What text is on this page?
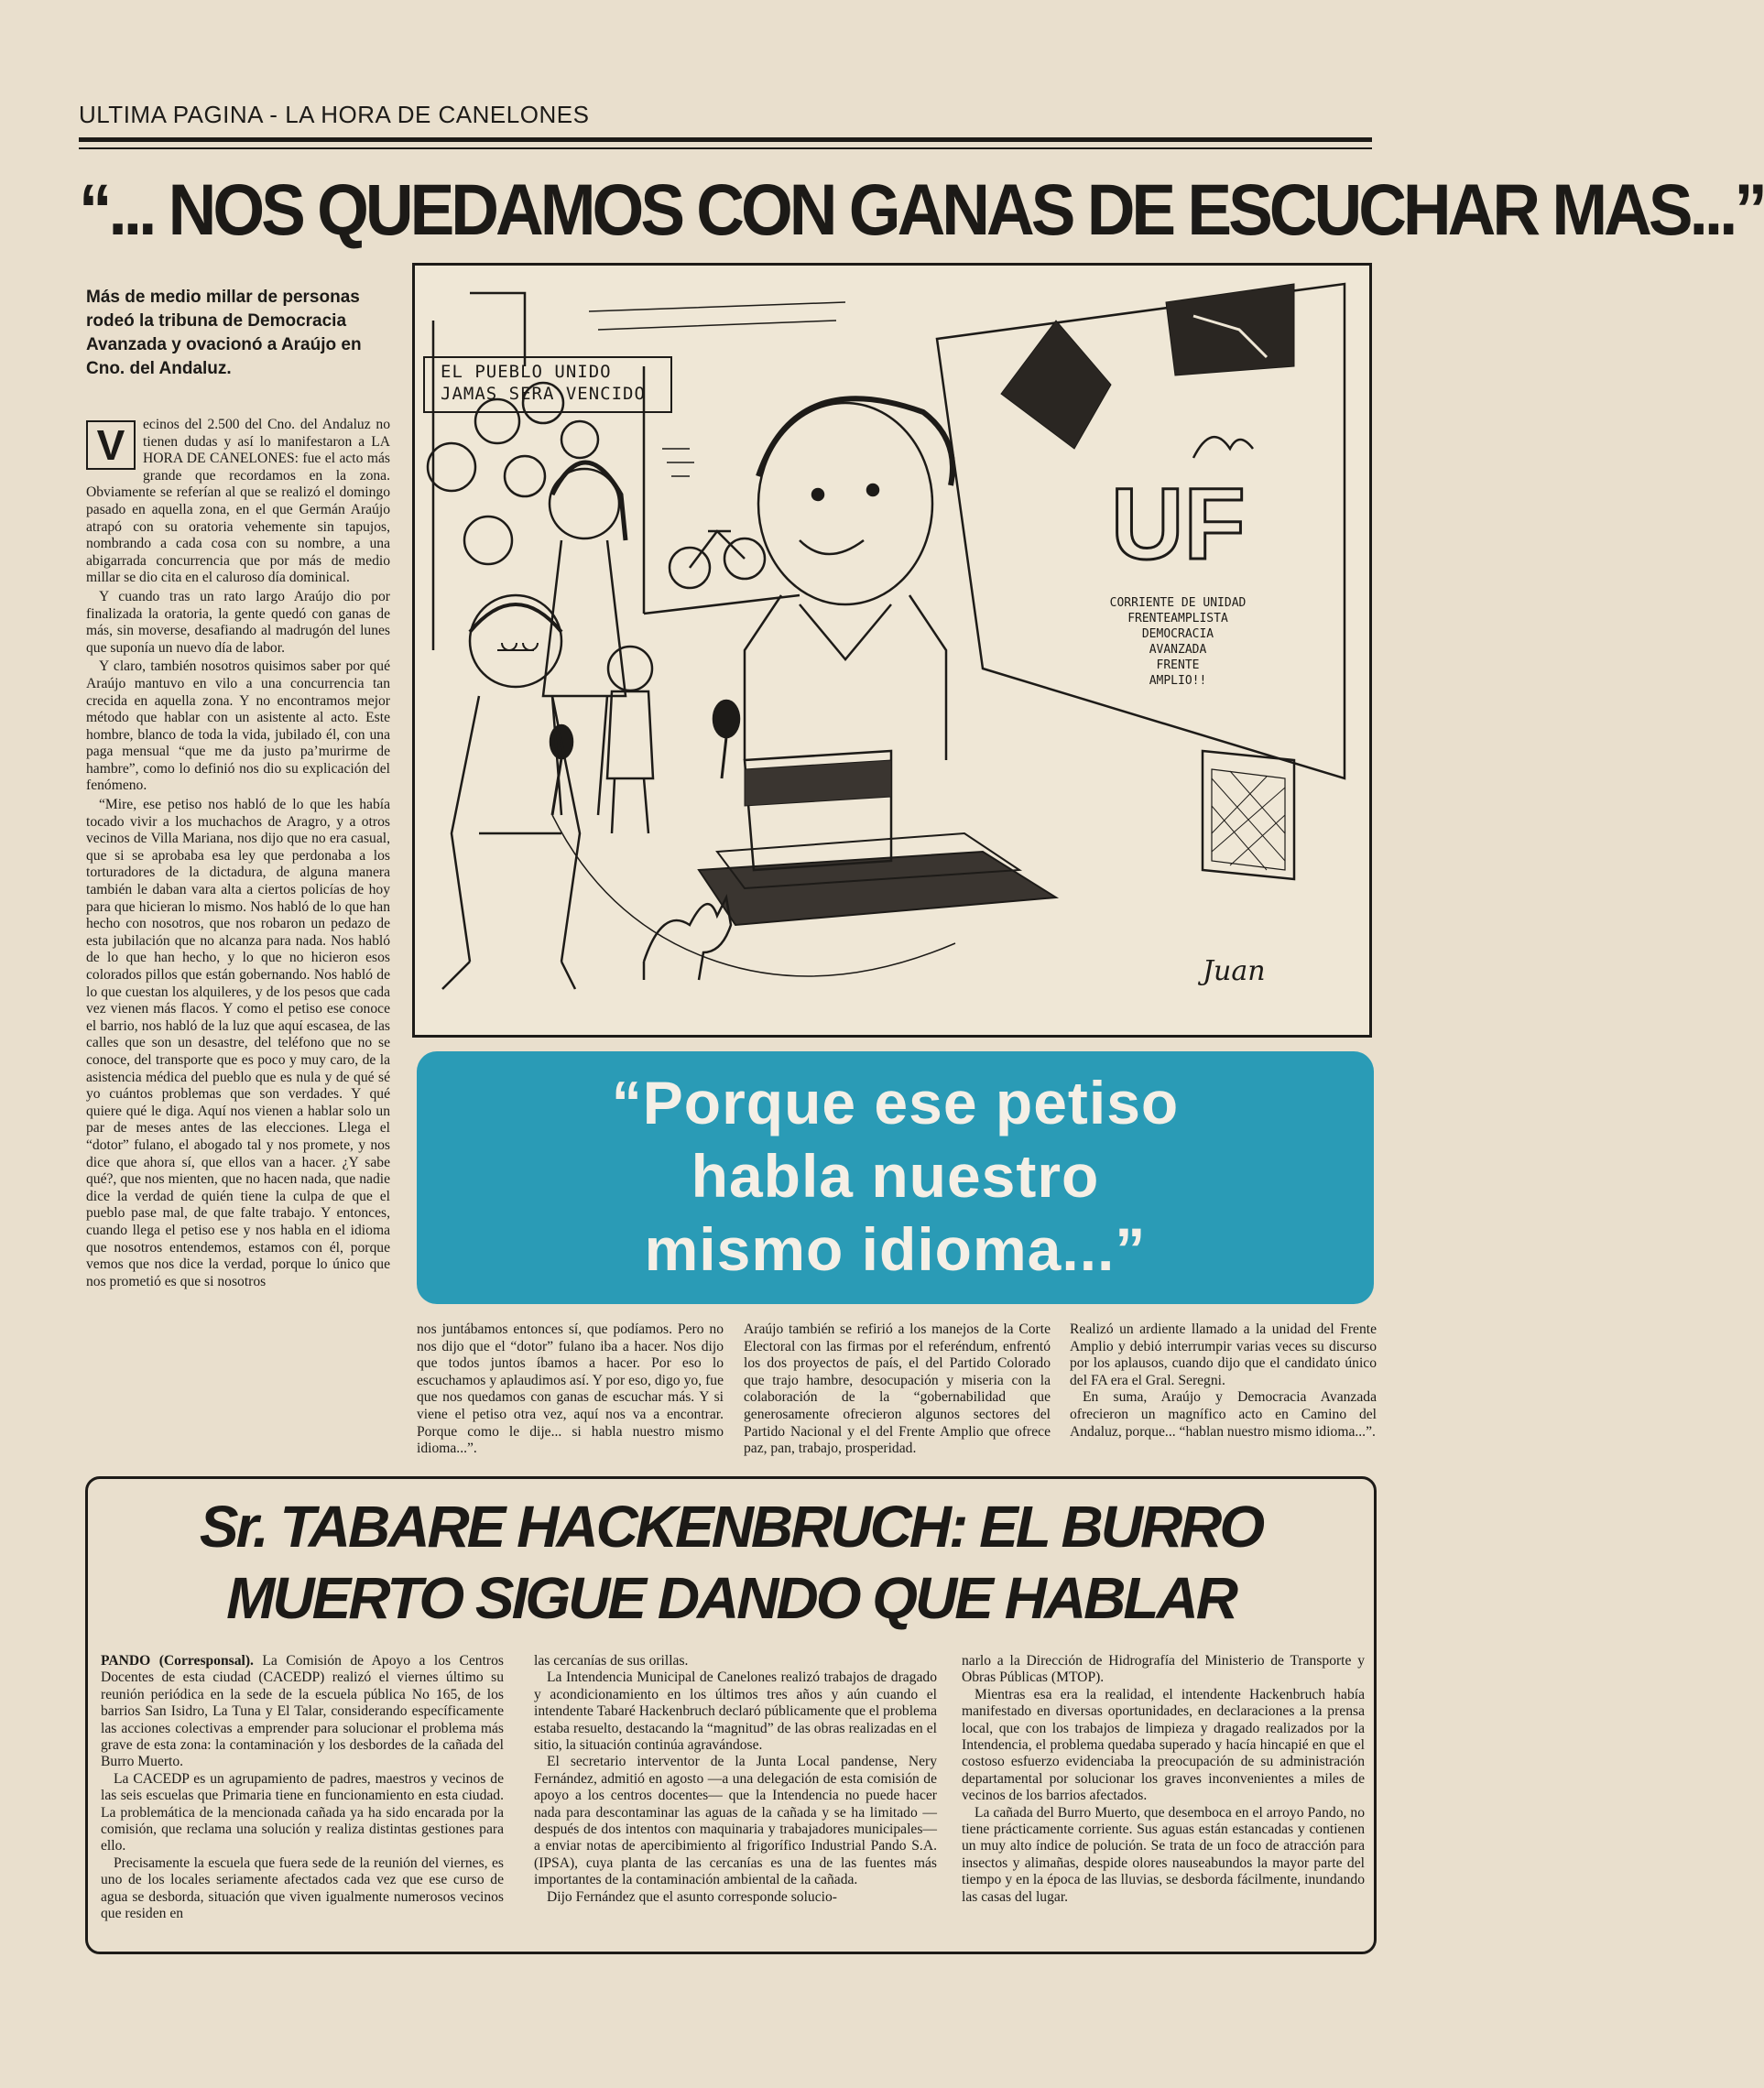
ULTIMA PAGINA - LA HORA DE CANELONES
“... NOS QUEDAMOS CON GANAS DE ESCUCHAR MAS...”
Más de medio millar de personas rodeó la tribuna de Democracia Avanzada y ovacionó a Araújo en Cno. del Andaluz.

V	ecinos del 2.500 del Cno. del Andaluz no tienen dudas y así lo manifestaron a LA HORA DE CANELONES: fue el acto más grande que recordamos en la zona. Obviamente se referían al que se realizó el domingo pasado en aquella zona, en el que Germán Araújo atrapó con su oratoria vehemente sin tapujos, nombrando a cada cosa con su nombre, a una abigarrada concurrencia que por más de medio millar se dio cita en el caluroso día dominical.

Y cuando tras un rato largo Araújo dio por finalizada la oratoria, la gente quedó con ganas de más, sin moverse, desafiando al madrugón del lunes que suponía un nuevo día de labor.

Y claro, también nosotros quisimos saber por qué Araújo mantuvo en vilo a una concurrencia tan crecida en aquella zona. Y no encontramos mejor método que hablar con un asistente al acto. Este hombre, blanco de toda la vida, jubilado él, con una paga mensual “que me da justo pa’murirme de hambre”, como lo definió nos dio su explicación del fenómeno.

“Mire, ese petiso nos habló de lo que les había tocado vivir a los muchachos de Aragro, y a otros vecinos de Villa Mariana, nos dijo que no era casual, que si se aprobaba esa ley que perdonaba a los torturadores de la dictadura, de alguna manera también le daban vara alta a ciertos policías de hoy para que hicieran lo mismo. Nos habló de lo que han hecho con nosotros, que nos robaron un pedazo de esta jubilación que no alcanza para nada. Nos habló de lo que han hecho, y lo que no hicieron esos colorados pillos que están gobernando. Nos habló de lo que cuestan los alquileres, y de los pesos que cada vez vienen más flacos. Y como el petiso ese conoce el barrio, nos habló de la luz que aquí escasea, de las calles que son un desastre, del teléfono que no se conoce, del transporte que es poco y muy caro, de la asistencia médica del pueblo que es nula y de qué sé yo cuántos problemas que son verdades. Y qué quiere qué le diga. Aquí nos vienen a hablar solo un par de meses antes de las elecciones. Llega el “dotor” fulano, el abogado tal y nos promete, y nos dice que ahora sí, que ellos van a hacer. ¿Y sabe qué?, que nos mienten, que no hacen nada, que nadie dice la verdad de quién tiene la culpa de que el pueblo pase mal, de que falte trabajo. Y entonces, cuando llega el petiso ese y nos habla en el idioma que nosotros entendemos, estamos con él, porque vemos que nos dice la verdad, porque lo único que nos prometió es que si nosotros

UF
Juan
EL PUEBLO UNIDO
JAMAS SERA VENCIDO
CORRIENTE DE UNIDAD
FRENTEAMPLISTA
DEMOCRACIA
AVANZADA
FRENTE
AMPLIO!!
“Porque ese petiso
habla nuestro
mismo idioma...”

nos juntábamos entonces sí, que podíamos. Pero no nos dijo que el “dotor” fulano iba a hacer. Nos dijo que todos juntos íbamos a hacer. Por eso lo escuchamos y aplaudimos así. Y por eso, digo yo, fue que nos quedamos con ganas de escuchar más. Y si viene el petiso otra vez, aquí nos va a encontrar. Porque como le dije... si habla nuestro mismo idioma...”.

Araújo también se refirió a los manejos de la Corte Electoral con las firmas por el referéndum, enfrentó los dos proyectos de país, el del Partido Colorado que trajo hambre, desocupación y miseria con la colaboración de la “gobernabilidad que generosamente ofrecieron algunos sectores del Partido Nacional y el del Frente Amplio que ofrece paz, pan, trabajo, prosperidad.

Realizó un ardiente llamado a la unidad del Frente Amplio y debió interrumpir varias veces su discurso por los aplausos, cuando dijo que el candidato único del FA era el Gral. Seregni.

En suma, Araújo y Democracia Avanzada ofrecieron un magnífico acto en Camino del Andaluz, porque... “hablan nuestro mismo idioma...”.

Sr. TABARE HACKENBRUCH: EL BURRO
MUERTO SIGUE DANDO QUE HABLAR

PANDO (Corresponsal). La Comisión de Apoyo a los Centros Docentes de esta ciudad (CACEDP) realizó el viernes último su reunión periódica en la sede de la escuela pública No 165, de los barrios San Isidro, La Tuna y El Talar, considerando específicamente las acciones colectivas a emprender para solucionar el problema más grave de esta zona: la contaminación y los desbordes de la cañada del Burro Muerto.

La CACEDP es un agrupamiento de padres, maestros y vecinos de las seis escuelas que Primaria tiene en funcionamiento en esta ciudad. La problemática de la mencionada cañada ya ha sido encarada por la comisión, que reclama una solución y realiza distintas gestiones para ello.

Precisamente la escuela que fuera sede de la reunión del viernes, es uno de los locales seriamente afectados cada vez que ese curso de agua se desborda, situación que viven igualmente numerosos vecinos que residen en

las cercanías de sus orillas.

La Intendencia Municipal de Canelones realizó trabajos de dragado y acondicionamiento en los últimos tres años y aún cuando el intendente Tabaré Hackenbruch declaró públicamente que el problema estaba resuelto, destacando la “magnitud” de las obras realizadas en el sitio, la situación continúa agravándose.

El secretario interventor de la Junta Local pandense, Nery Fernández, admitió en agosto —a una delegación de esta comisión de apoyo a los centros docentes— que la Intendencia no puede hacer nada para descontaminar las aguas de la cañada y se ha limitado —después de dos intentos con maquinaria y trabajadores municipales— a enviar notas de apercibimiento al frigorífico Industrial Pando S.A. (IPSA), cuya planta de las cercanías es una de las fuentes más importantes de la contaminación ambiental de la cañada.

Dijo Fernández que el asunto corresponde solucio-

narlo a la Dirección de Hidrografía del Ministerio de Transporte y Obras Públicas (MTOP).

Mientras esa era la realidad, el intendente Hackenbruch había manifestado en diversas oportunidades, en declaraciones a la prensa local, que con los trabajos de limpieza y dragado realizados por la Intendencia, el problema quedaba superado y hacía hincapié en que el costoso esfuerzo evidenciaba la preocupación de su administración departamental por solucionar los graves inconvenientes a miles de vecinos de los barrios afectados.

La cañada del Burro Muerto, que desemboca en el arroyo Pando, no tiene prácticamente corriente. Sus aguas están estancadas y contienen un muy alto índice de polución. Se trata de un foco de atracción para insectos y alimañas, despide olores nauseabundos la mayor parte del tiempo y en la época de las lluvias, se desborda fácilmente, inundando las casas del lugar.
